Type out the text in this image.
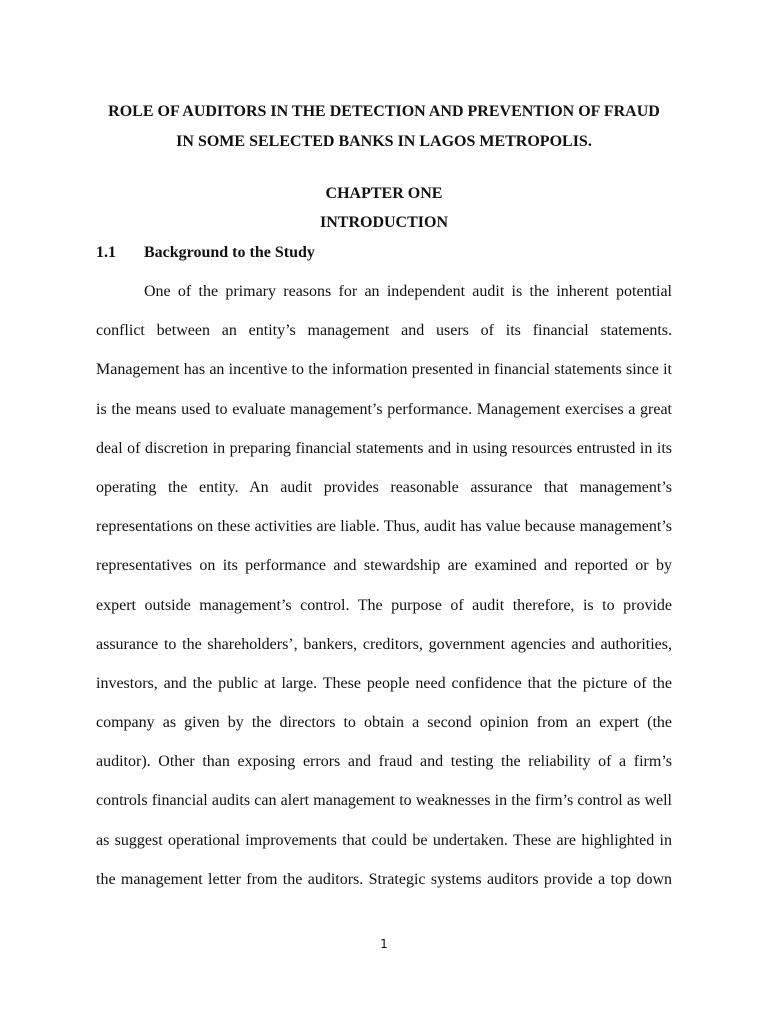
ROLE OF AUDITORS IN THE DETECTION AND PREVENTION OF FRAUD
IN SOME SELECTED BANKS IN LAGOS METROPOLIS.
CHAPTER ONE
INTRODUCTION
1.1 Background to the Study
One of the primary reasons for an independent audit is the inherent potential
conflict between an entity’s management and users of its financial statements.
Management has an incentive to the information presented in financial statements since it
is the means used to evaluate management’s performance. Management exercises a great
deal of discretion in preparing financial statements and in using resources entrusted in its
operating the entity. An audit provides reasonable assurance that management’s
representations on these activities are liable. Thus, audit has value because management’s
representatives on its performance and stewardship are examined and reported or by
expert outside management’s control. The purpose of audit therefore, is to provide
assurance to the shareholders’, bankers, creditors, government agencies and authorities,
investors, and the public at large. These people need confidence that the picture of the
company as given by the directors to obtain a second opinion from an expert (the
auditor). Other than exposing errors and fraud and testing the reliability of a firm’s
controls financial audits can alert management to weaknesses in the firm’s control as well
as suggest operational improvements that could be undertaken. These are highlighted in
the management letter from the auditors. Strategic systems auditors provide a top down
1
